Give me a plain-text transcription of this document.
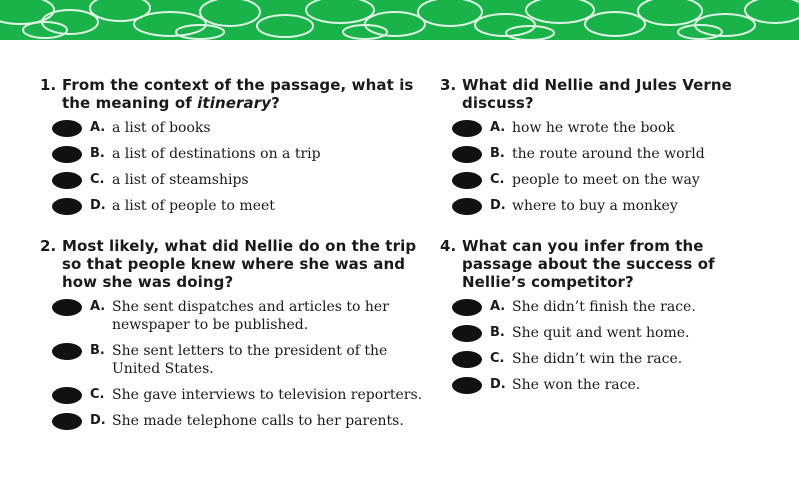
1. From the context of the passage, what is the meaning of itinerary?
A. a list of books
B. a list of destinations on a trip
C. a list of steamships
D. a list of people to meet
2. Most likely, what did Nellie do on the trip so that people knew where she was and how she was doing?
A. She sent dispatches and articles to her newspaper to be published.
B. She sent letters to the president of the United States.
C. She gave interviews to television reporters.
D. She made telephone calls to her parents.
3. What did Nellie and Jules Verne discuss?
A. how he wrote the book
B. the route around the world
C. people to meet on the way
D. where to buy a monkey
4. What can you infer from the passage about the success of Nellie’s competitor?
A. She didn’t finish the race.
B. She quit and went home.
C. She didn’t win the race.
D. She won the race.
